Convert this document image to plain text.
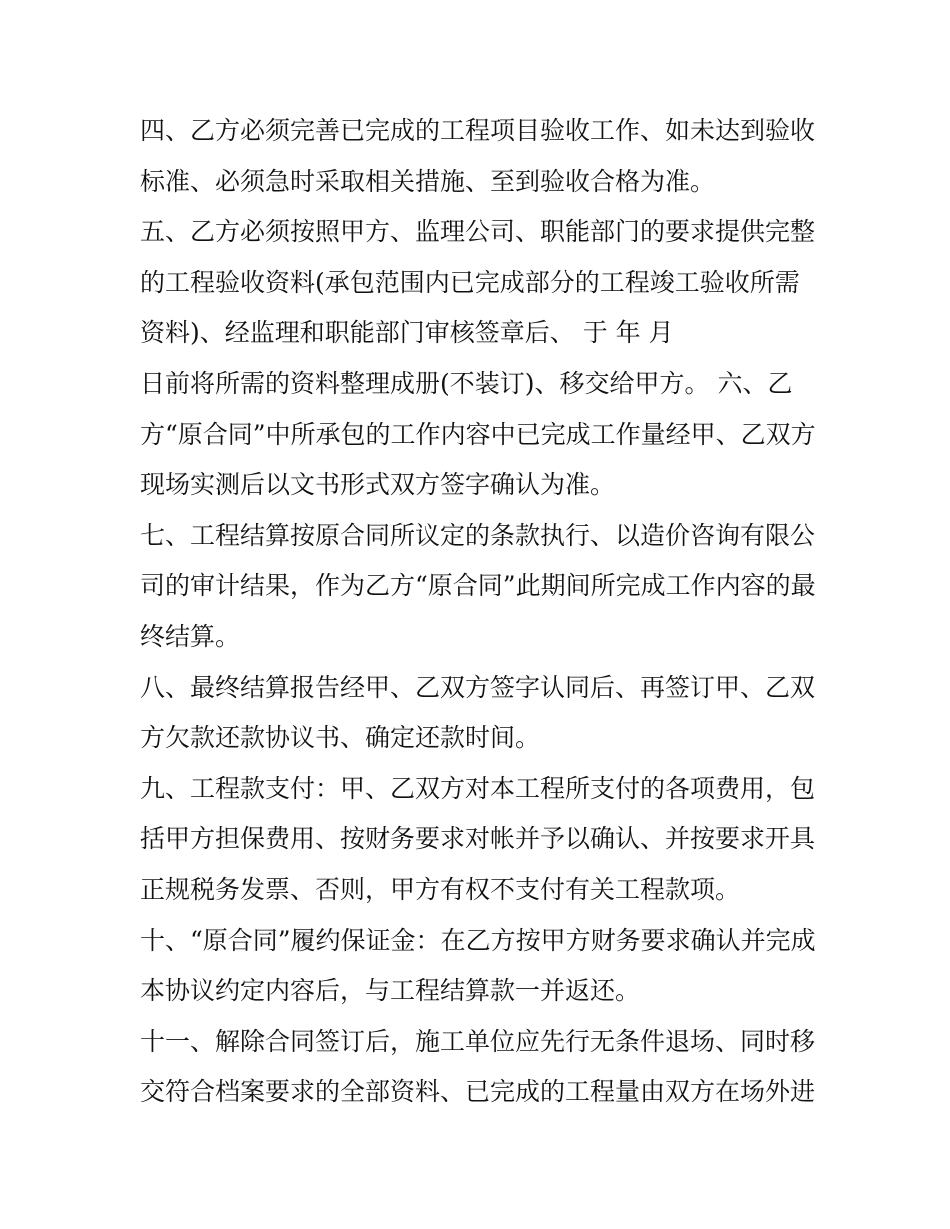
四、乙方必须完善已完成的工程项目验收工作、如未达到验收
标准、必须急时采取相关措施、至到验收合格为准。
五、乙方必须按照甲方、监理公司、职能部门的要求提供完整
的工程验收资料(承包范围内已完成部分的工程竣工验收所需
资料)、经监理和职能部门审核签章后、 于 年 月
日前将所需的资料整理成册(不装订)、移交给甲方。 六、乙
方“原合同”中所承包的工作内容中已完成工作量经甲、乙双方
现场实测后以文书形式双方签字确认为准。
七、工程结算按原合同所议定的条款执行、以造价咨询有限公
司的审计结果，作为乙方“原合同”此期间所完成工作内容的最
终结算。
八、最终结算报告经甲、乙双方签字认同后、再签订甲、乙双
方欠款还款协议书、确定还款时间。
九、工程款支付：甲、乙双方对本工程所支付的各项费用，包
括甲方担保费用、按财务要求对帐并予以确认、并按要求开具
正规税务发票、否则，甲方有权不支付有关工程款项。
十、“原合同”履约保证金：在乙方按甲方财务要求确认并完成
本协议约定内容后，与工程结算款一并返还。
十一、解除合同签订后，施工单位应先行无条件退场、同时移
交符合档案要求的全部资料、已完成的工程量由双方在场外进
